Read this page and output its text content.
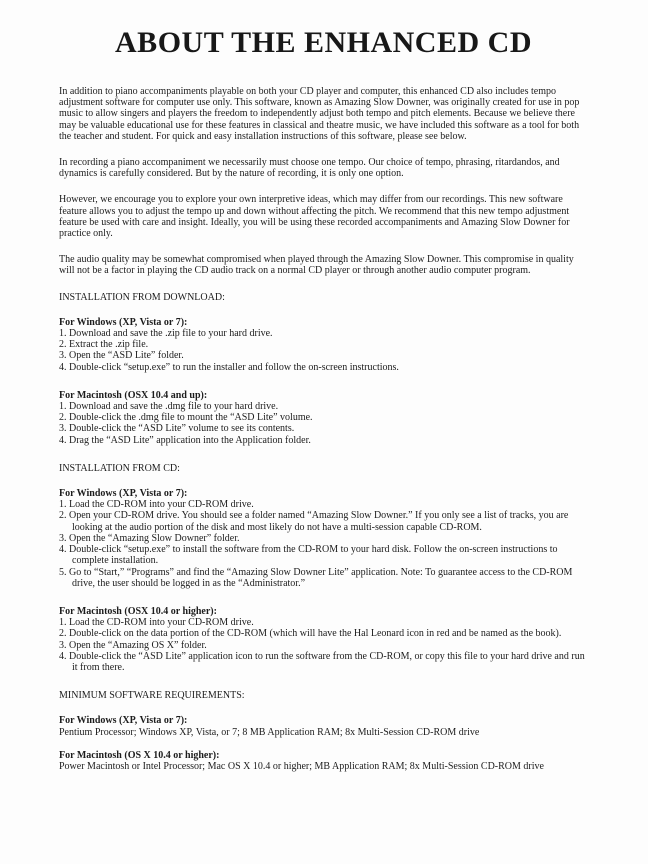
ABOUT THE ENHANCED CD

In addition to piano accompaniments playable on both your CD player and computer, this enhanced CD also includes tempo adjustment software for computer use only. This software, known as Amazing Slow Downer, was originally created for use in pop music to allow singers and players the freedom to independently adjust both tempo and pitch elements. Because we believe there may be valuable educational use for these features in classical and theatre music, we have included this software as a tool for both the teacher and student. For quick and easy installation instructions of this software, please see below.

In recording a piano accompaniment we necessarily must choose one tempo. Our choice of tempo, phrasing, ritardandos, and dynamics is carefully considered. But by the nature of recording, it is only one option.

However, we encourage you to explore your own interpretive ideas, which may differ from our recordings. This new software feature allows you to adjust the tempo up and down without affecting the pitch. We recommend that this new tempo adjustment feature be used with care and insight. Ideally, you will be using these recorded accompaniments and Amazing Slow Downer for practice only.

The audio quality may be somewhat compromised when played through the Amazing Slow Downer. This compromise in quality will not be a factor in playing the CD audio track on a normal CD player or through another audio computer program.

INSTALLATION FROM DOWNLOAD:
For Windows (XP, Vista or 7):
1. Download and save the .zip file to your hard drive.
2. Extract the .zip file.
3. Open the “ASD Lite” folder.
4. Double-click “setup.exe” to run the installer and follow the on-screen instructions.
For Macintosh (OSX 10.4 and up):
1. Download and save the .dmg file to your hard drive.
2. Double-click the .dmg file to mount the “ASD Lite” volume.
3. Double-click the “ASD Lite” volume to see its contents.
4. Drag the “ASD Lite” application into the Application folder.
INSTALLATION FROM CD:
For Windows (XP, Vista or 7):
1. Load the CD-ROM into your CD-ROM drive.
2. Open your CD-ROM drive. You should see a folder named “Amazing Slow Downer.” If you only see a list of tracks, you are looking at the audio portion of the disk and most likely do not have a multi-session capable CD-ROM.
3. Open the “Amazing Slow Downer” folder.
4. Double-click “setup.exe” to install the software from the CD-ROM to your hard disk. Follow the on-screen instructions to complete installation.
5. Go to “Start,” “Programs” and find the “Amazing Slow Downer Lite” application. Note: To guarantee access to the CD-ROM drive, the user should be logged in as the “Administrator.”
For Macintosh (OSX 10.4 or higher):
1. Load the CD-ROM into your CD-ROM drive.
2. Double-click on the data portion of the CD-ROM (which will have the Hal Leonard icon in red and be named as the book).
3. Open the “Amazing OS X” folder.
4. Double-click the “ASD Lite” application icon to run the software from the CD-ROM, or copy this file to your hard drive and run it from there.
MINIMUM SOFTWARE REQUIREMENTS:
For Windows (XP, Vista or 7):
Pentium Processor; Windows XP, Vista, or 7; 8 MB Application RAM; 8x Multi-Session CD-ROM drive
For Macintosh (OS X 10.4 or higher):
Power Macintosh or Intel Processor; Mac OS X 10.4 or higher; MB Application RAM; 8x Multi-Session CD-ROM drive
